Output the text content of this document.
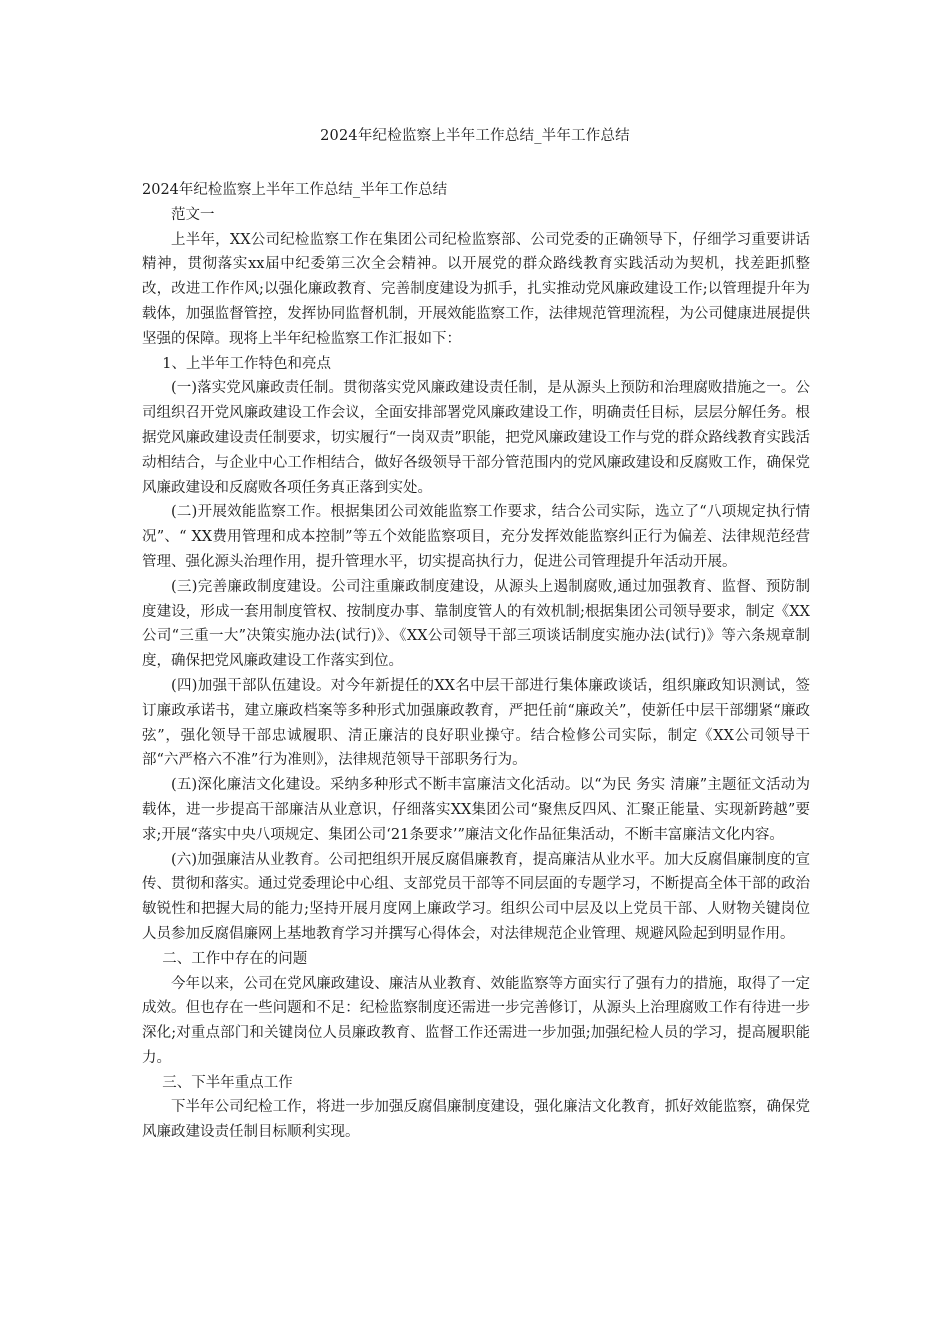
2024年纪检监察上半年工作总结_半年工作总结

2024年纪检监察上半年工作总结_半年工作总结

范文一

上半年，XX公司纪检监察工作在集团公司纪检监察部、公司党委的正确领导下，仔细学习重要讲话精神，贯彻落实xx届中纪委第三次全会精神。以开展党的群众路线教育实践活动为契机，找差距抓整改，改进工作作风;以强化廉政教育、完善制度建设为抓手，扎实推动党风廉政建设工作;以管理提升年为载体，加强监督管控，发挥协同监督机制，开展效能监察工作，法律规范管理流程，为公司健康进展提供坚强的保障。现将上半年纪检监察工作汇报如下：

1、上半年工作特色和亮点

(一)落实党风廉政责任制。贯彻落实党风廉政建设责任制，是从源头上预防和治理腐败措施之一。公司组织召开党风廉政建设工作会议，全面安排部署党风廉政建设工作，明确责任目标，层层分解任务。根据党风廉政建设责任制要求，切实履行“一岗双责”职能，把党风廉政建设工作与党的群众路线教育实践活动相结合，与企业中心工作相结合，做好各级领导干部分管范围内的党风廉政建设和反腐败工作，确保党风廉政建设和反腐败各项任务真正落到实处。

(二)开展效能监察工作。根据集团公司效能监察工作要求，结合公司实际，选立了“八项规定执行情况”、“ XX费用管理和成本控制”等五个效能监察项目，充分发挥效能监察纠正行为偏差、法律规范经营管理、强化源头治理作用，提升管理水平，切实提高执行力，促进公司管理提升年活动开展。

(三)完善廉政制度建设。公司注重廉政制度建设，从源头上遏制腐败,通过加强教育、监督、预防制度建设，形成一套用制度管权、按制度办事、靠制度管人的有效机制;根据集团公司领导要求，制定《XX公司“三重一大”决策实施办法(试行)》、《XX公司领导干部三项谈话制度实施办法(试行)》等六条规章制度，确保把党风廉政建设工作落实到位。

(四)加强干部队伍建设。对今年新提任的XX名中层干部进行集体廉政谈话，组织廉政知识测试，签订廉政承诺书，建立廉政档案等多种形式加强廉政教育，严把任前“廉政关”，使新任中层干部绷紧“廉政弦”，强化领导干部忠诚履职、清正廉洁的良好职业操守。结合检修公司实际，制定《XX公司领导干部“六严格六不准”行为准则》，法律规范领导干部职务行为。

(五)深化廉洁文化建设。采纳多种形式不断丰富廉洁文化活动。以“为民 务实 清廉”主题征文活动为载体，进一步提高干部廉洁从业意识，仔细落实XX集团公司“聚焦反四风、汇聚正能量、实现新跨越”要求;开展“落实中央八项规定、集团公司‘21条要求’”廉洁文化作品征集活动，不断丰富廉洁文化内容。

(六)加强廉洁从业教育。公司把组织开展反腐倡廉教育，提高廉洁从业水平。加大反腐倡廉制度的宣传、贯彻和落实。通过党委理论中心组、支部党员干部等不同层面的专题学习，不断提高全体干部的政治敏锐性和把握大局的能力;坚持开展月度网上廉政学习。组织公司中层及以上党员干部、人财物关键岗位人员参加反腐倡廉网上基地教育学习并撰写心得体会，对法律规范企业管理、规避风险起到明显作用。

二、工作中存在的问题

今年以来，公司在党风廉政建设、廉洁从业教育、效能监察等方面实行了强有力的措施，取得了一定成效。但也存在一些问题和不足：纪检监察制度还需进一步完善修订，从源头上治理腐败工作有待进一步深化;对重点部门和关键岗位人员廉政教育、监督工作还需进一步加强;加强纪检人员的学习，提高履职能力。

三、下半年重点工作

下半年公司纪检工作，将进一步加强反腐倡廉制度建设，强化廉洁文化教育，抓好效能监察，确保党风廉政建设责任制目标顺利实现。
